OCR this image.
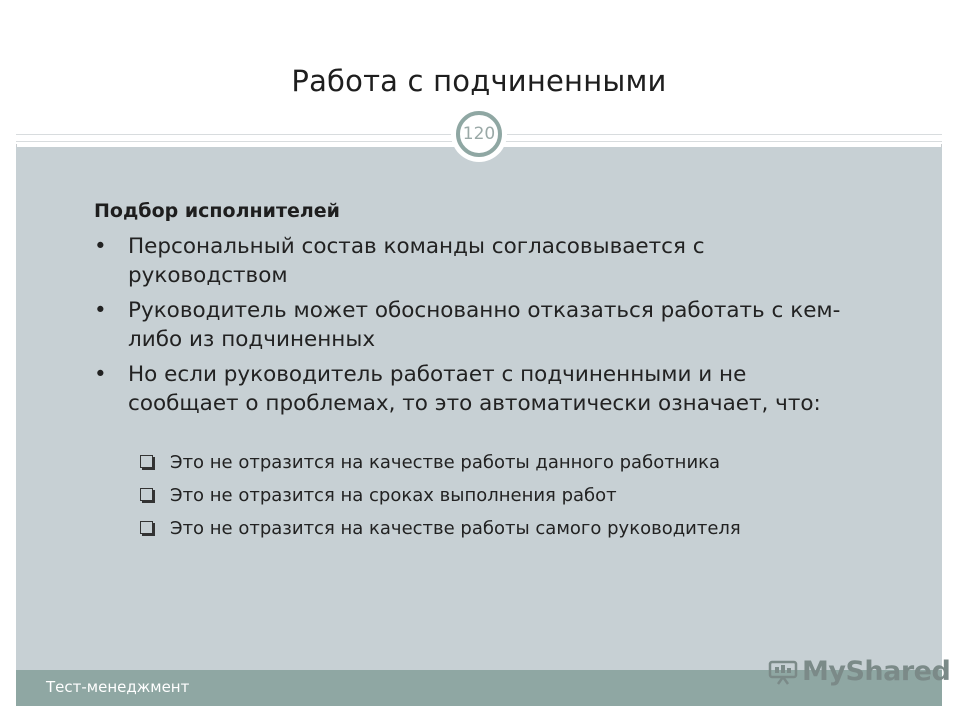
Работа с подчиненными
120
Подбор исполнителей
• Персональный состав команды согласовывается с руководством
• Руководитель может обоснованно отказаться работать с кем-либо из подчиненных
• Но если руководитель работает с подчиненными и не сообщает о проблемах, то это автоматически означает, что:
Это не отразится на качестве работы данного работника
Это не отразится на сроках выполнения работ
Это не отразится на качестве работы самого руководителя
Тест-менеджмент	MyShared
